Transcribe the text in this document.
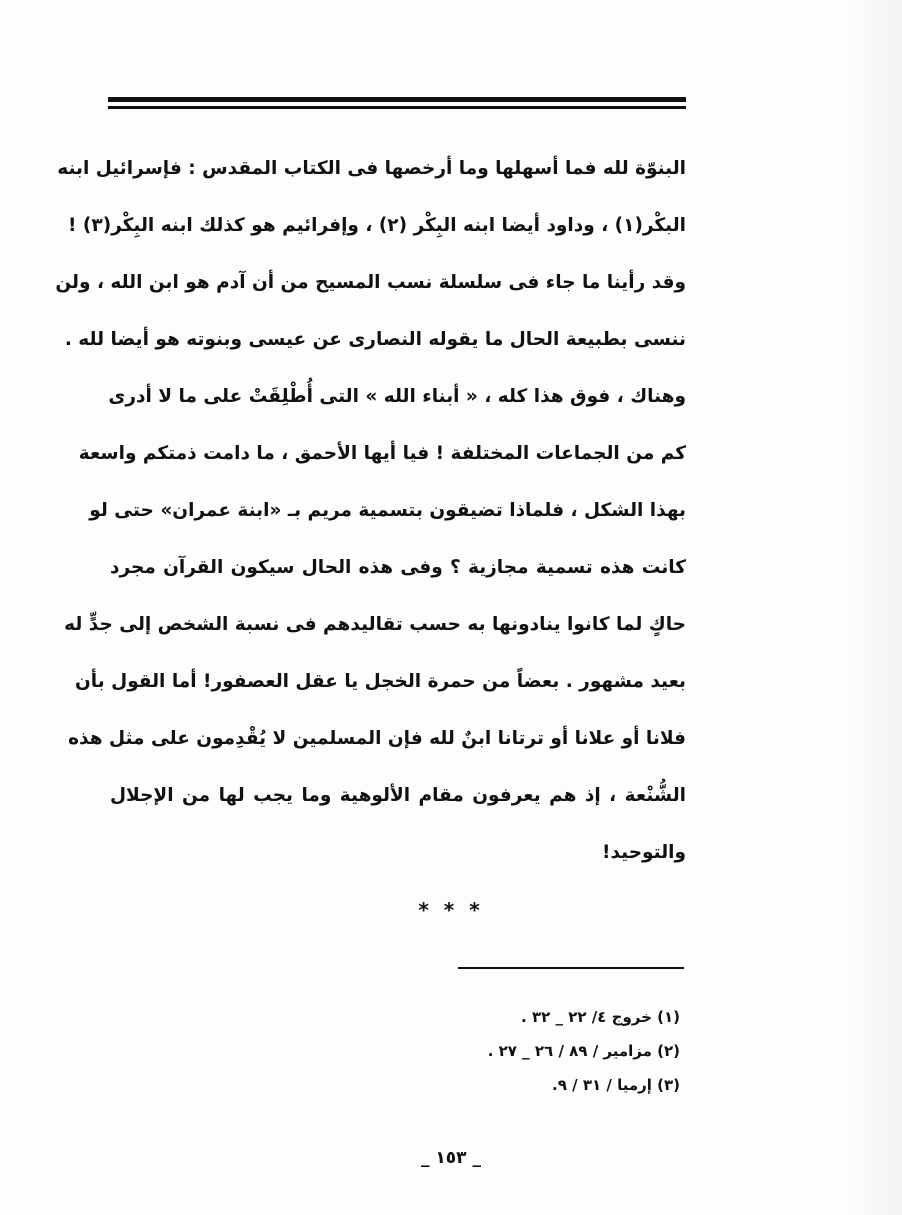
البنوّة لله فما أسهلها وما أرخصها فى الكتاب المقدس : فإسرائيل ابنه
البكْر(١) ، وداود أيضا ابنه البِكْر (٢) ، وإفرائيم هو كذلك ابنه البِكْر(٣) !
وقد رأينا ما جاء فى سلسلة نسب المسيح من أن آدم هو ابن الله ، ولن
ننسى بطبيعة الحال ما يقوله النصارى عن عيسى وبنوته هو أيضا لله .
وهناك ، فوق هذا كله ، « أبناء الله » التى أُطْلِقَتْ على ما لا أدرى
كم من الجماعات المختلفة ! فيا أيها الأحمق ، ما دامت ذمتكم واسعة
بهذا الشكل ، فلماذا تضيقون بتسمية مريم بـ «ابنة عمران» حتى لو
كانت هذه تسمية مجازية ؟ وفى هذه الحال سيكون القرآن مجرد
حاكٍ لما كانوا ينادونها به حسب تقاليدهم فى نسبة الشخص إلى جدٍّ له
بعيد مشهور . بعضاً من حمرة الخجل يا عقل العصفور! أما القول بأن
فلانا أو علانا أو ترتانا ابنٌ لله فإن المسلمين لا يُقْدِمون على مثل هذه
الشُّنْعة ، إذ هم يعرفون مقام الألوهية وما يجب لها من الإجلال
والتوحيد!
* * *
(١) خروج ٤/ ٢٢ _ ٣٢ .
(٢) مزامير / ٨٩ / ٢٦ _ ٢٧ .
(٣) إرميا / ٣١ / ٩.
_ ١٥٣ _
